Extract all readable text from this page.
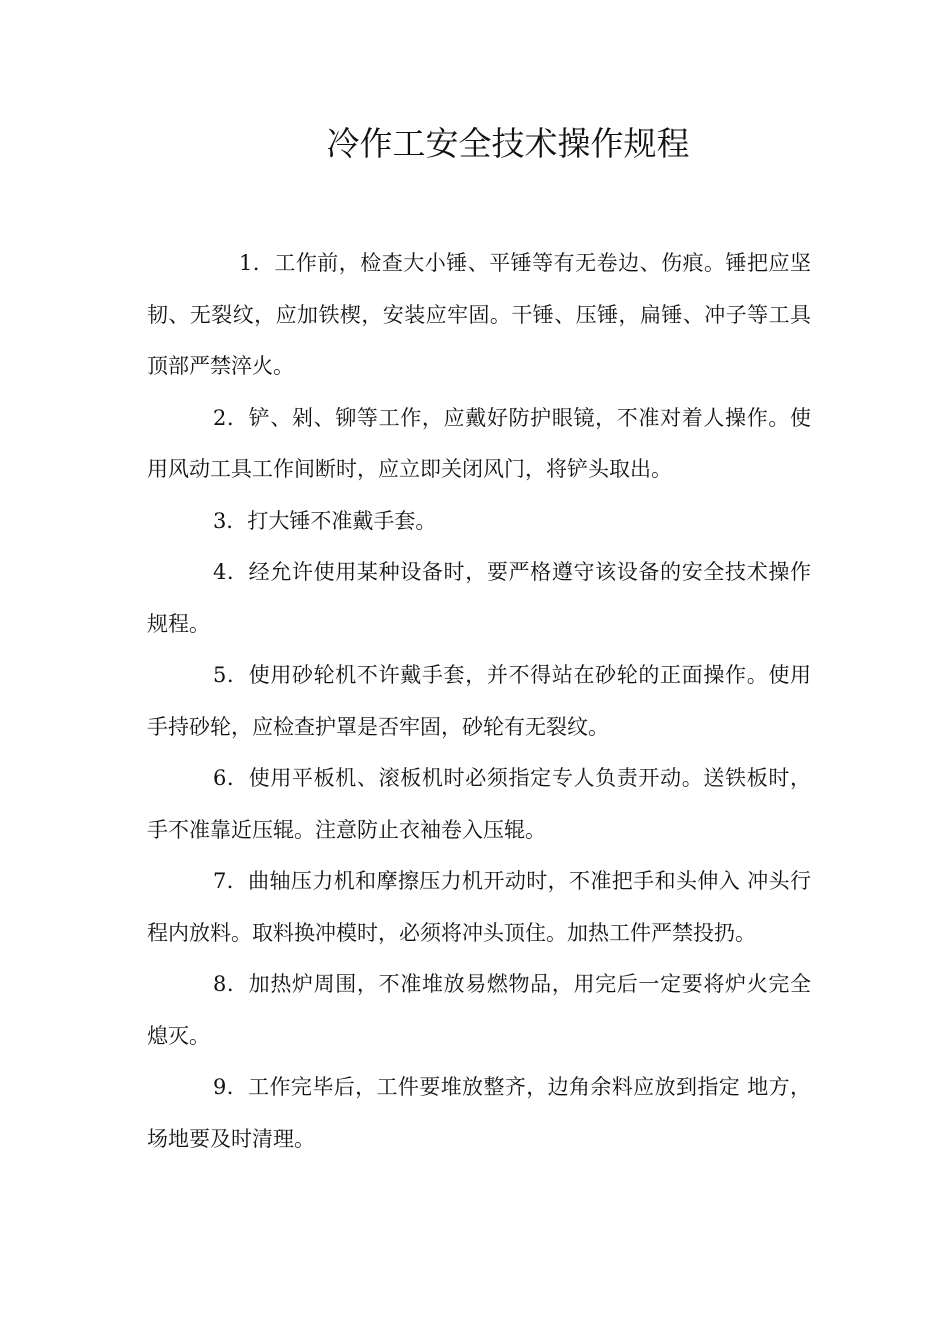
冷作工安全技术操作规程

1．工作前，检查大小锤、平锤等有无卷边、伤痕。锤把应坚韧、无裂纹，应加铁楔，安装应牢固。干锤、压锤，扁锤、冲子等工具顶部严禁淬火。

2．铲、剁、铆等工作，应戴好防护眼镜，不准对着人操作。使用风动工具工作间断时，应立即关闭风门，将铲头取出。

3．打大锤不准戴手套。

4．经允许使用某种设备时，要严格遵守该设备的安全技术操作规程。

5．使用砂轮机不许戴手套，并不得站在砂轮的正面操作。使用手持砂轮，应检查护罩是否牢固，砂轮有无裂纹。

6．使用平板机、滚板机时必须指定专人负责开动。送铁板时，手不准靠近压辊。注意防止衣袖卷入压辊。

7．曲轴压力机和摩擦压力机开动时，不准把手和头伸入 冲头行程内放料。取料换冲模时，必须将冲头顶住。加热工件严禁投扔。

8．加热炉周围，不准堆放易燃物品，用完后一定要将炉火完全熄灭。

9．工作完毕后，工件要堆放整齐，边角余料应放到指定 地方，场地要及时清理。
